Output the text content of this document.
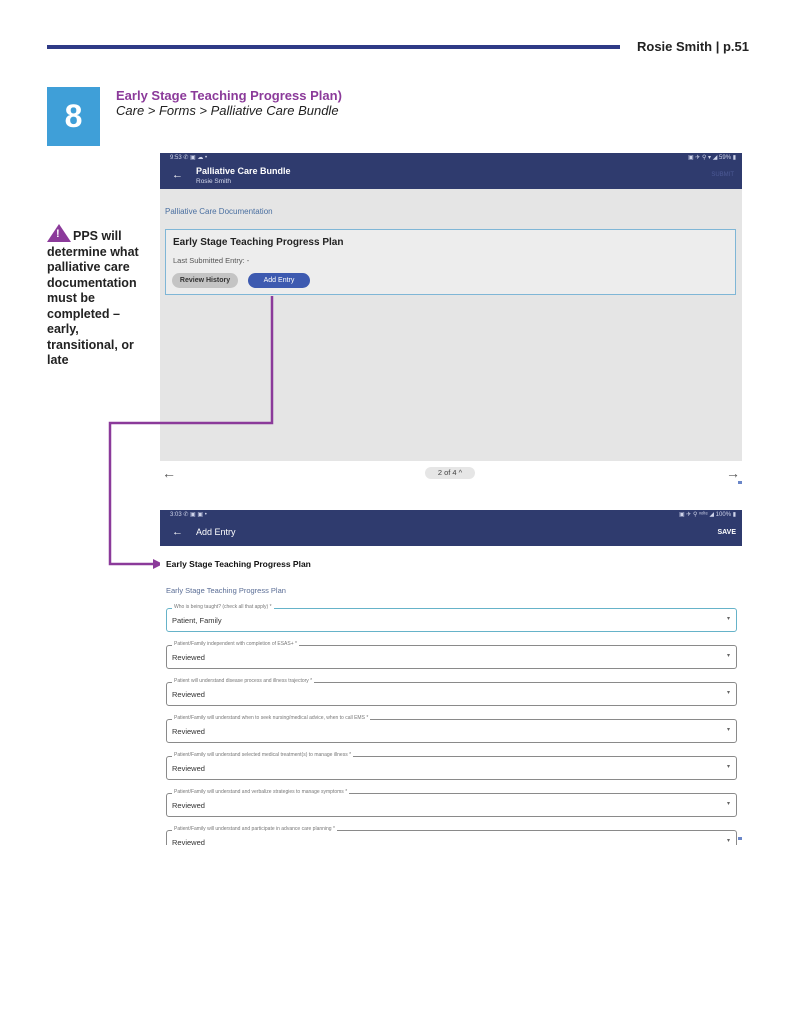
Rosie Smith | p.51
8
Early Stage Teaching Progress Plan)
Care > Forms > Palliative Care Bundle
!PPS will determine what palliative care documentation must be completed – early, transitional, or late
9:53 ✆ ▣ ☁ •	▣ ✈ ⚲ ▾ ◢ 59% ▮
← Palliative Care Bundle
Rosie Smith
SUBMIT
Palliative Care Documentation
Early Stage Teaching Progress Plan
Last Submitted Entry: -
Review History	Add Entry
←	2 of 4 ^	→
3:03 ✆ ▣ ▣ •	▣ ✈ ⚲ ᵛᵒˡᵗᵉ ◢ 100% ▮
← Add Entry	SAVE
Early Stage Teaching Progress Plan
Early Stage Teaching Progress Plan
Who is being taught? (check all that apply) *
Patient, Family	▾
Patient/Family independent with completion of ESAS+ *
Reviewed	▾
Patient will understand disease process and illness trajectory *
Reviewed	▾
Patient/Family will understand when to seek nursing/medical advice, when to call EMS *
Reviewed	▾
Patient/Family will understand selected medical treatment(s) to manage illness *
Reviewed	▾
Patient/Family will understand and verbalize strategies to manage symptoms *
Reviewed	▾
Patient/Family will understand and participate in advance care planning *
Reviewed	▾
